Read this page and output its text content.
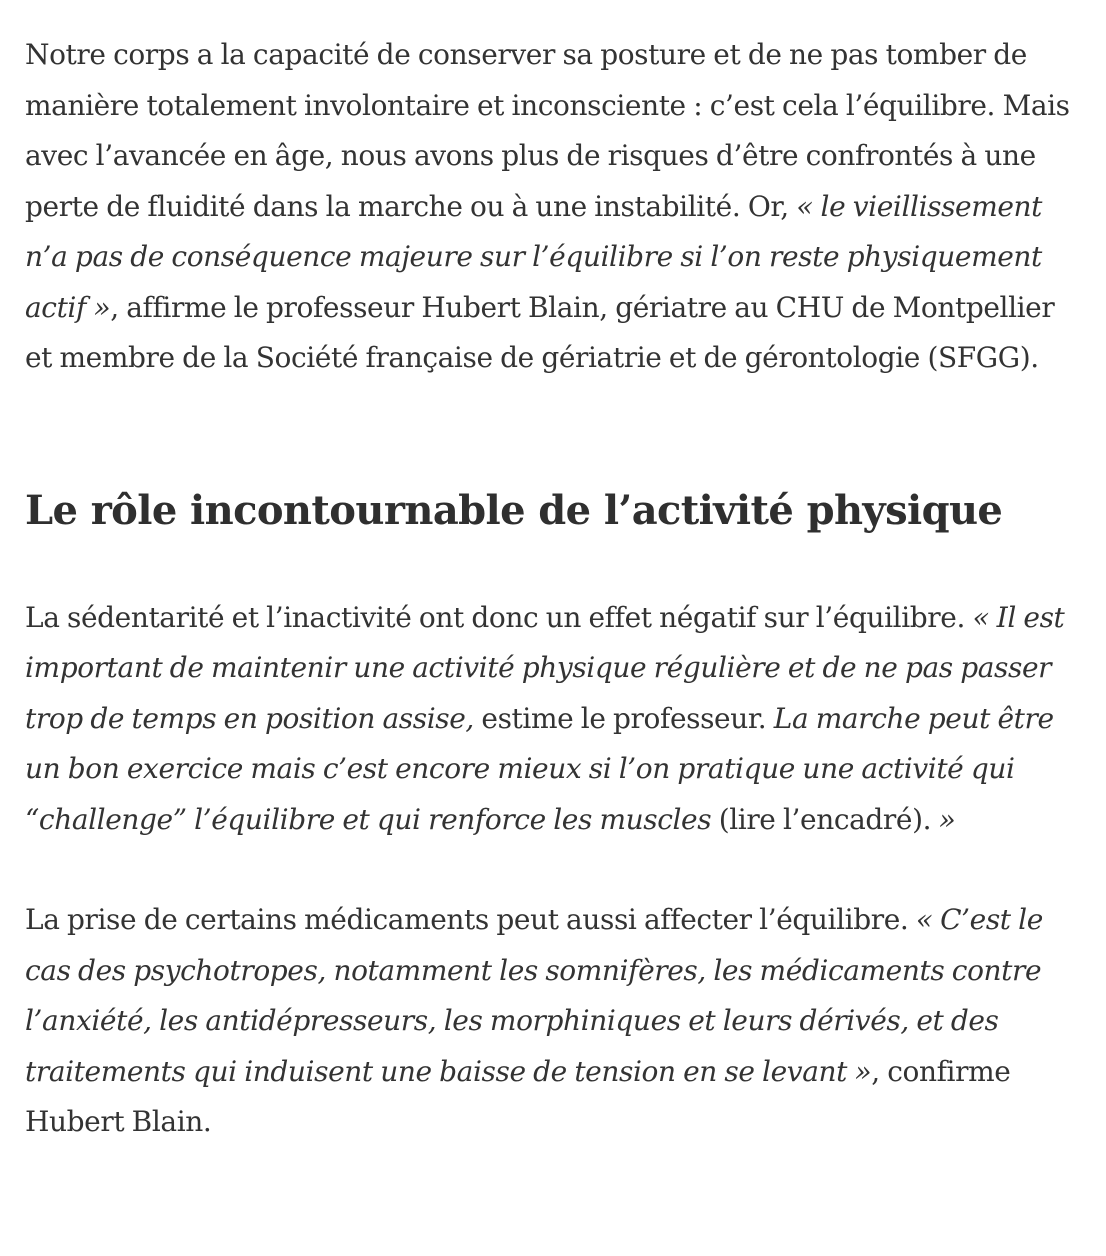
Notre corps a la capacité de conserver sa posture et de ne pas tomber de manière totalement involontaire et inconsciente : c’est cela l’équilibre. Mais avec l’avancée en âge, nous avons plus de risques d’être confrontés à une perte de fluidité dans la marche ou à une instabilité. Or, « le vieillissement n’a pas de conséquence majeure sur l’équilibre si l’on reste physiquement actif », affirme le professeur Hubert Blain, gériatre au CHU de Montpellier et membre de la Société française de gériatrie et de gérontologie (SFGG).

Le rôle incontournable de l’activité physique

La sédentarité et l’inactivité ont donc un effet négatif sur l’équilibre. « Il est important de maintenir une activité physique régulière et de ne pas passer trop de temps en position assise, estime le professeur. La marche peut être un bon exercice mais c’est encore mieux si l’on pratique une activité qui “challenge” l’équilibre et qui renforce les muscles (lire l’encadré). »

La prise de certains médicaments peut aussi affecter l’équilibre. « C’est le cas des psychotropes, notamment les somnifères, les médicaments contre l’anxiété, les antidépresseurs, les morphiniques et leurs dérivés, et des traitements qui induisent une baisse de tension en se levant », confirme Hubert Blain.
